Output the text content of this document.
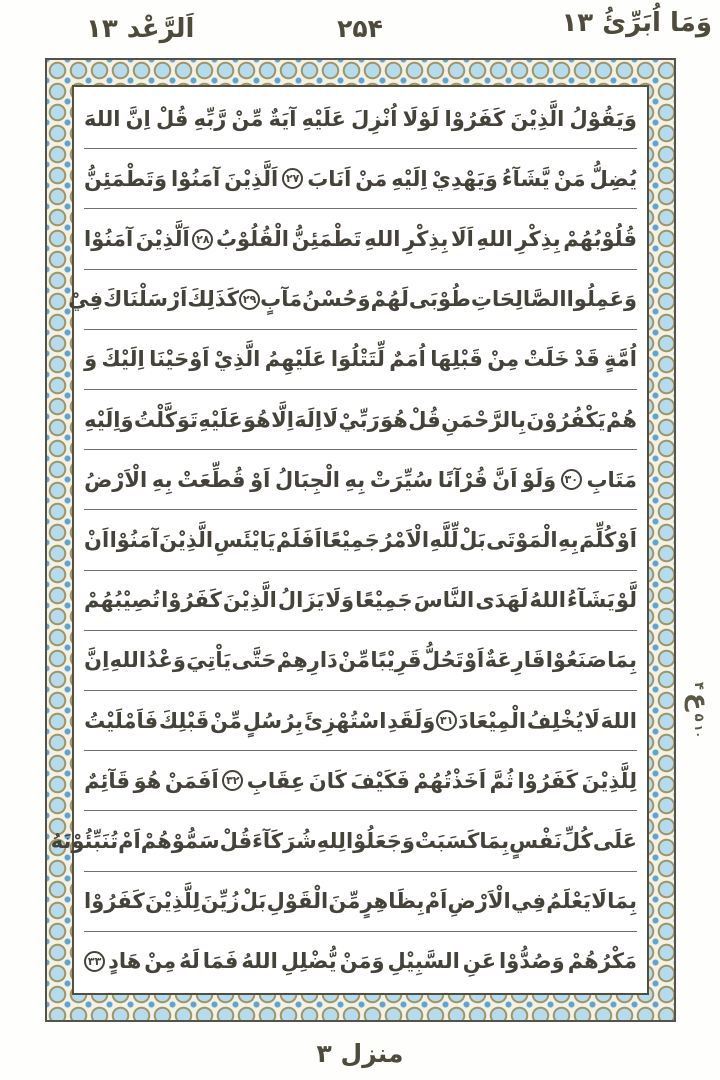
اَلرَّعْد ۱۳	۲۵۴	وَمَا اُبَرِّئُ ۱۳
وَيَقُوْلُ
الَّذِيْنَ
كَفَرُوْا
لَوْلَا
اُنْزِلَ
عَلَيْهِ
آيَةٌ
مِّنْ
رَّبِّهِ
قُلْ
اِنَّ
اللهَ
يُضِلُّ
مَنْ
يَّشَآءُ
وَيَهْدِيْ
اِلَيْهِ
مَنْ
اَنَابَ
۲۷
اَلَّذِيْنَ
آمَنُوْا
وَتَطْمَئِنُّ
قُلُوْبُهُمْ
بِذِكْرِ
اللهِ
اَلَا
بِذِكْرِ
اللهِ
تَطْمَئِنُّ
الْقُلُوْبُ
۲۸
اَلَّذِيْنَ
آمَنُوْا
وَعَمِلُوا
الصَّالِحَاتِ
طُوْبَى
لَهُمْ
وَحُسْنُ
مَآبٍ
۲۹
كَذَلِكَ
اَرْسَلْنَاكَ
فِيْ
اُمَّةٍ
قَدْ
خَلَتْ
مِنْ
قَبْلِهَا
اُمَمٌ
لِّتَتْلُوَا
عَلَيْهِمُ
الَّذِيْ
اَوْحَيْنَا
اِلَيْكَ
وَ
هُمْ
يَكْفُرُوْنَ
بِالرَّحْمَنِ
قُلْ
هُوَ
رَبِّيْ
لَا
اِلَهَ
اِلَّا
هُوَ
عَلَيْهِ
تَوَكَّلْتُ
وَاِلَيْهِ
مَتَابِ
۳۰
وَلَوْ
اَنَّ
قُرْآنًا
سُيِّرَتْ
بِهِ
الْجِبَالُ
اَوْ
قُطِّعَتْ
بِهِ
الْاَرْضُ
اَوْ
كُلِّمَ
بِهِ
الْمَوْتَى
بَلْ
لِّلَّهِ
الْاَمْرُ
جَمِيْعًا
اَفَلَمْ
يَايْئَسِ
الَّذِيْنَ
آمَنُوْا
اَنْ
لَّوْ
يَشَآءُ
اللهُ
لَهَدَى
النَّاسَ
جَمِيْعًا
وَلَا
يَزَالُ
الَّذِيْنَ
كَفَرُوْا
تُصِيْبُهُمْ
بِمَا
صَنَعُوْا
قَارِعَةٌ
اَوْ
تَحُلُّ
قَرِيْبًا
مِّنْ
دَارِهِمْ
حَتَّى
يَاْتِيَ
وَعْدُ
اللهِ
اِنَّ
اللهَ
لَا
يُخْلِفُ
الْمِيْعَادَ
۳۱
وَلَقَدِ
اسْتُهْزِئَ
بِرُسُلٍ
مِّنْ
قَبْلِكَ
فَاَمْلَيْتُ
لِلَّذِيْنَ
كَفَرُوْا
ثُمَّ
اَخَذْتُهُمْ
فَكَيْفَ
كَانَ
عِقَابِ
۳۲
اَفَمَنْ
هُوَ
قَآئِمٌ
عَلَى
كُلِّ
نَفْسٍ
بِمَا
كَسَبَتْ
وَجَعَلُوْا
لِلهِ
شُرَكَآءَ
قُلْ
سَمُّوْهُمْ
اَمْ
تُنَبِّئُوْنَهُ
بِمَا
لَا
يَعْلَمُ
فِي
الْاَرْضِ
اَمْ
بِظَاهِرٍ
مِّنَ
الْقَوْلِ
بَلْ
زُيِّنَ
لِلَّذِيْنَ
كَفَرُوْا
مَكْرُهُمْ
وَصُدُّوْا
عَنِ
السَّبِيْلِ
وَمَنْ
يُّضْلِلِ
اللهُ
فَمَا
لَهُ
مِنْ
هَادٍ
۳۳
۴
ع
۵
۱۰
منزل ۳
